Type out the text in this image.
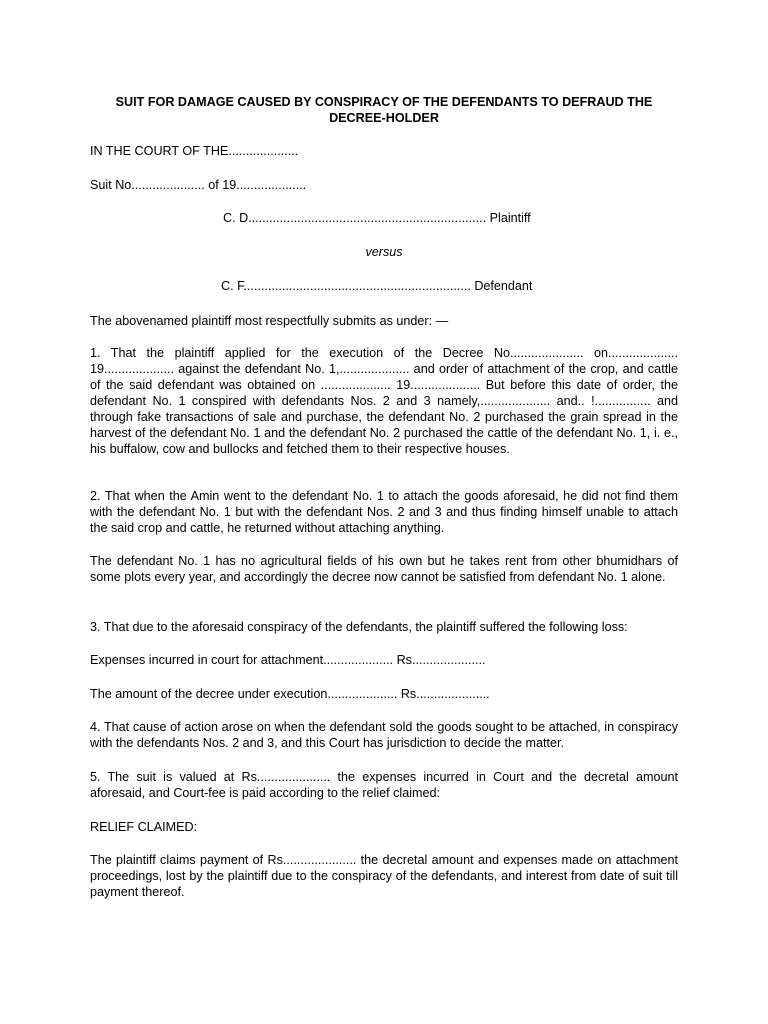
SUIT FOR DAMAGE CAUSED BY CONSPIRACY OF THE DEFENDANTS TO DEFRAUD THE DECREE-HOLDER

IN THE COURT OF THE....................

Suit No..................... of 19....................

C. D.................................................................... Plaintiff

versus

C. F................................................................. Defendant

The abovenamed plaintiff most respectfully submits as under: —

1. That the plaintiff applied for the execution of the Decree No..................... on.................... 19.................... against the defendant No. 1,.................... and order of attachment of the crop, and cattle of the said defendant was obtained on .................... 19.................... But before this date of order, the defendant No. 1 conspired with defendants Nos. 2 and 3 namely,.................... and.. !................ and through fake transactions of sale and purchase, the defendant No. 2 purchased the grain spread in the harvest of the defendant No. 1 and the defendant No. 2 purchased the cattle of the defendant No. 1, i. e., his buffalow, cow and bullocks and fetched them to their respective houses.

2. That when the Amin went to the defendant No. 1 to attach the goods aforesaid, he did not find them with the defendant No. 1 but with the defendant Nos. 2 and 3 and thus finding himself unable to attach the said crop and cattle, he returned without attaching anything.

The defendant No. 1 has no agricultural fields of his own but he takes rent from other bhumidhars of some plots every year, and accordingly the decree now cannot be satisfied from defendant No. 1 alone.

3. That due to the aforesaid conspiracy of the defendants, the plaintiff suffered the following loss:

Expenses incurred in court for attachment.................... Rs.....................

The amount of the decree under execution.................... Rs.....................

4. That cause of action arose on when the defendant sold the goods sought to be attached, in conspiracy with the defendants Nos. 2 and 3, and this Court has jurisdiction to decide the matter.

5. The suit is valued at Rs..................... the expenses incurred in Court and the decretal amount aforesaid, and Court-fee is paid according to the relief claimed:

RELIEF CLAIMED:

The plaintiff claims payment of Rs..................... the decretal amount and expenses made on attachment proceedings, lost by the plaintiff due to the conspiracy of the defendants, and interest from date of suit till payment thereof.
